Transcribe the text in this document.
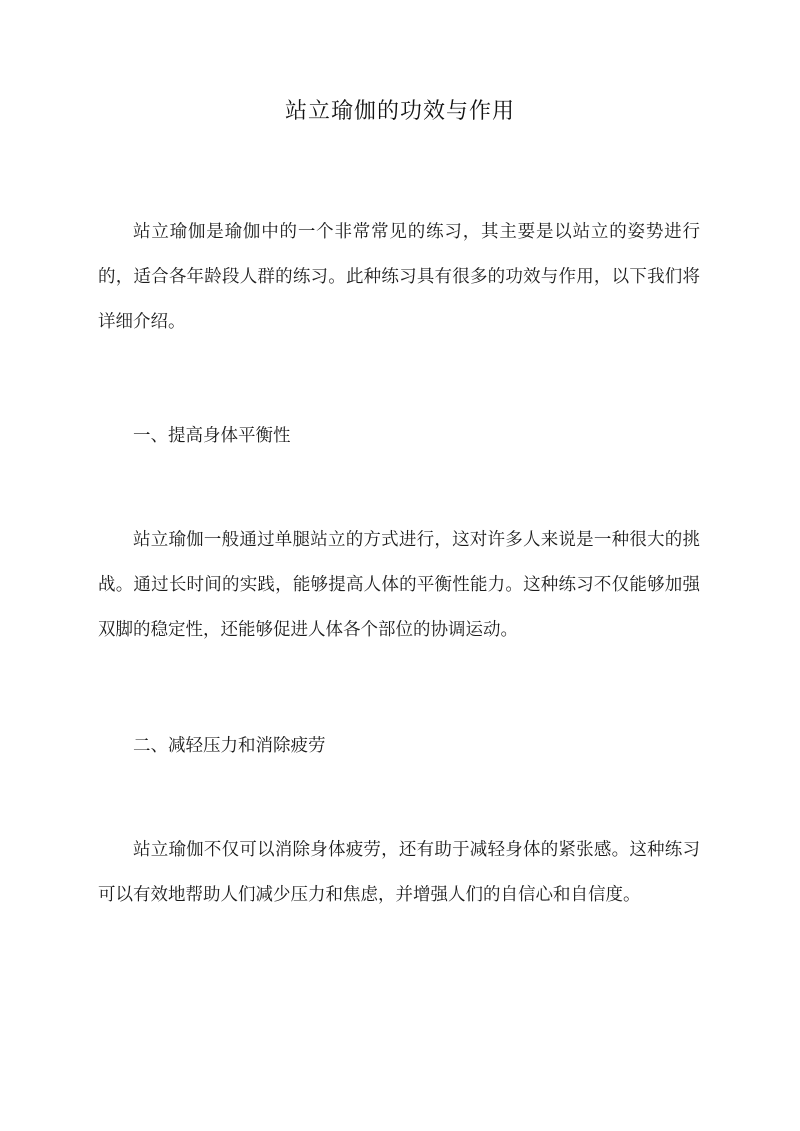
站立瑜伽的功效与作用

站立瑜伽是瑜伽中的一个非常常见的练习，其主要是以站立的姿势进行的，适合各年龄段人群的练习。此种练习具有很多的功效与作用，以下我们将详细介绍。

一、提高身体平衡性

站立瑜伽一般通过单腿站立的方式进行，这对许多人来说是一种很大的挑战。通过长时间的实践，能够提高人体的平衡性能力。这种练习不仅能够加强双脚的稳定性，还能够促进人体各个部位的协调运动。

二、减轻压力和消除疲劳

站立瑜伽不仅可以消除身体疲劳，还有助于减轻身体的紧张感。这种练习可以有效地帮助人们减少压力和焦虑，并增强人们的自信心和自信度。
